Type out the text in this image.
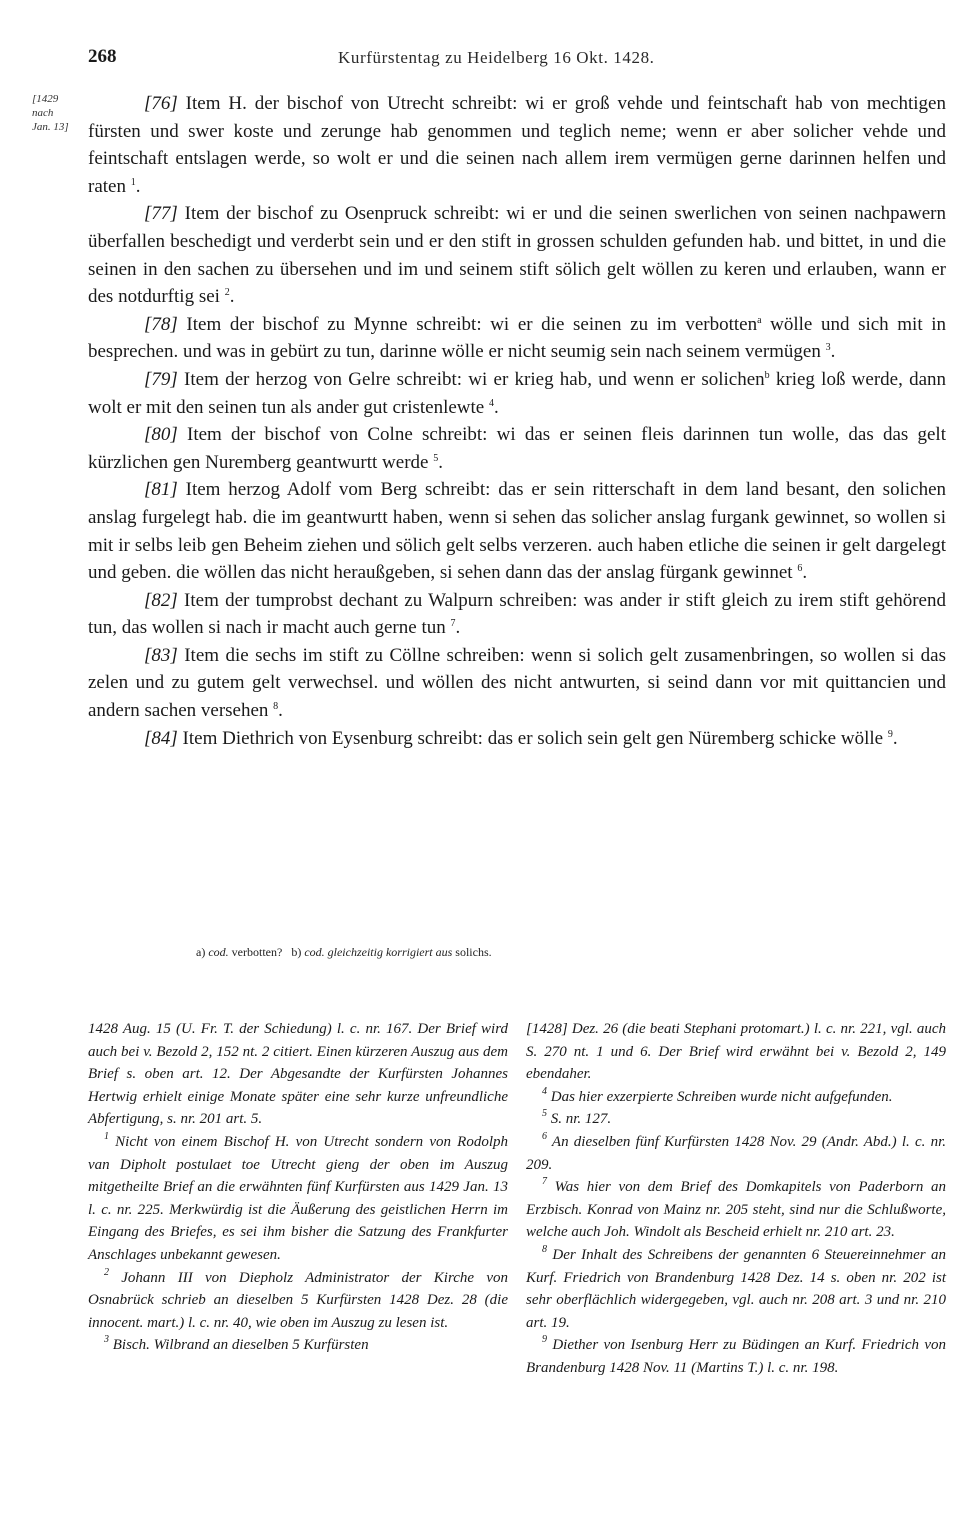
268	Kurfürstentag zu Heidelberg 16 Okt. 1428.
[1429
nach
Jan. 13]

[76] Item H. der bischof von Utrecht schreibt: wi er groß vehde und feintschaft hab von mechtigen fürsten und swer koste und zerunge hab genommen und teglich neme; wenn er aber solicher vehde und feintschaft entslagen werde, so wolt er und die seinen nach allem irem vermügen gerne darinnen helfen und raten $^1$.

[77] Item der bischof zu Osenpruck schreibt: wi er und die seinen swerlichen von seinen nachpawern überfallen beschedigt und verderbt sein und er den stift in grossen schulden gefunden hab. und bittet, in und die seinen in den sachen zu übersehen und im und seinem stift sölich gelt wöllen zu keren und erlauben, wann er des notdurftig sei $^2$.

[78] Item der bischof zu Mynne schreibt: wi er die seinen zu im verbotten$^a$ wölle und sich mit in besprechen. und was in gebürt zu tun, darinne wölle er nicht seumig sein nach seinem vermügen $^3$.

[79] Item der herzog von Gelre schreibt: wi er krieg hab, und wenn er solichen$^b$ krieg loß werde, dann wolt er mit den seinen tun als ander gut cristenlewte $^4$.

[80] Item der bischof von Colne schreibt: wi das er seinen fleis darinnen tun wolle, das das gelt kürzlichen gen Nuremberg geantwurtt werde $^5$.

[81] Item herzog Adolf vom Berg schreibt: das er sein ritterschaft in dem land besant, den solichen anslag furgelegt hab. die im geantwurtt haben, wenn si sehen das solicher anslag furgank gewinnet, so wollen si mit ir selbs leib gen Beheim ziehen und sölich gelt selbs verzeren. auch haben etliche die seinen ir gelt dargelegt und geben. die wöllen das nicht heraußgeben, si sehen dann das der anslag fürgank gewinnet $^6$.

[82] Item der tumprobst dechant zu Walpurn schreiben: was ander ir stift gleich zu irem stift gehörend tun, das wollen si nach ir macht auch gerne tun $^7$.

[83] Item die sechs im stift zu Cöllne schreiben: wenn si solich gelt zusamenbringen, so wollen si das zelen und zu gutem gelt verwechsel. und wöllen des nicht antwurten, si seind dann vor mit quittancien und andern sachen versehen $^8$.

[84] Item Diethrich von Eysenburg schreibt: das er solich sein gelt gen Nüremberg schicke wölle $^9$.

a) cod. verbotten? b) cod. gleichzeitig korrigiert aus solichs.

1428 Aug. 15 (U. Fr. T. der Schiedung) l. c. nr. 167. Der Brief wird auch bei v. Bezold 2, 152 nt. 2 citiert. Einen kürzeren Auszug aus dem Brief s. oben art. 12. Der Abgesandte der Kurfürsten Johannes Hertwig erhielt einige Monate später eine sehr kurze unfreundliche Abfertigung, s. nr. 201 art. 5.

$^1$ Nicht von einem Bischof H. von Utrecht sondern von Rodolph van Dipholt postulaet toe Utrecht gieng der oben im Auszug mitgetheilte Brief an die erwähnten fünf Kurfürsten aus 1429 Jan. 13 l. c. nr. 225. Merkwürdig ist die Äußerung des geistlichen Herrn im Eingang des Briefes, es sei ihm bisher die Satzung des Frankfurter Anschlages unbekannt gewesen.

$^2$ Johann III von Diepholz Administrator der Kirche von Osnabrück schrieb an dieselben 5 Kurfürsten 1428 Dez. 28 (die innocent. mart.) l. c. nr. 40, wie oben im Auszug zu lesen ist.

$^3$ Bisch. Wilbrand an dieselben 5 Kurfürsten

[1428] Dez. 26 (die beati Stephani protomart.) l. c. nr. 221, vgl. auch S. 270 nt. 1 und 6. Der Brief wird erwähnt bei v. Bezold 2, 149 ebendaher.

$^4$ Das hier exzerpierte Schreiben wurde nicht aufgefunden.

$^5$ S. nr. 127.

$^6$ An dieselben fünf Kurfürsten 1428 Nov. 29 (Andr. Abd.) l. c. nr. 209.

$^7$ Was hier von dem Brief des Domkapitels von Paderborn an Erzbisch. Konrad von Mainz nr. 205 steht, sind nur die Schlußworte, welche auch Joh. Windolt als Bescheid erhielt nr. 210 art. 23.

$^8$ Der Inhalt des Schreibens der genannten 6 Steuereinnehmer an Kurf. Friedrich von Brandenburg 1428 Dez. 14 s. oben nr. 202 ist sehr oberflächlich widergegeben, vgl. auch nr. 208 art. 3 und nr. 210 art. 19.

$^9$ Diether von Isenburg Herr zu Büdingen an Kurf. Friedrich von Brandenburg 1428 Nov. 11 (Martins T.) l. c. nr. 198.
